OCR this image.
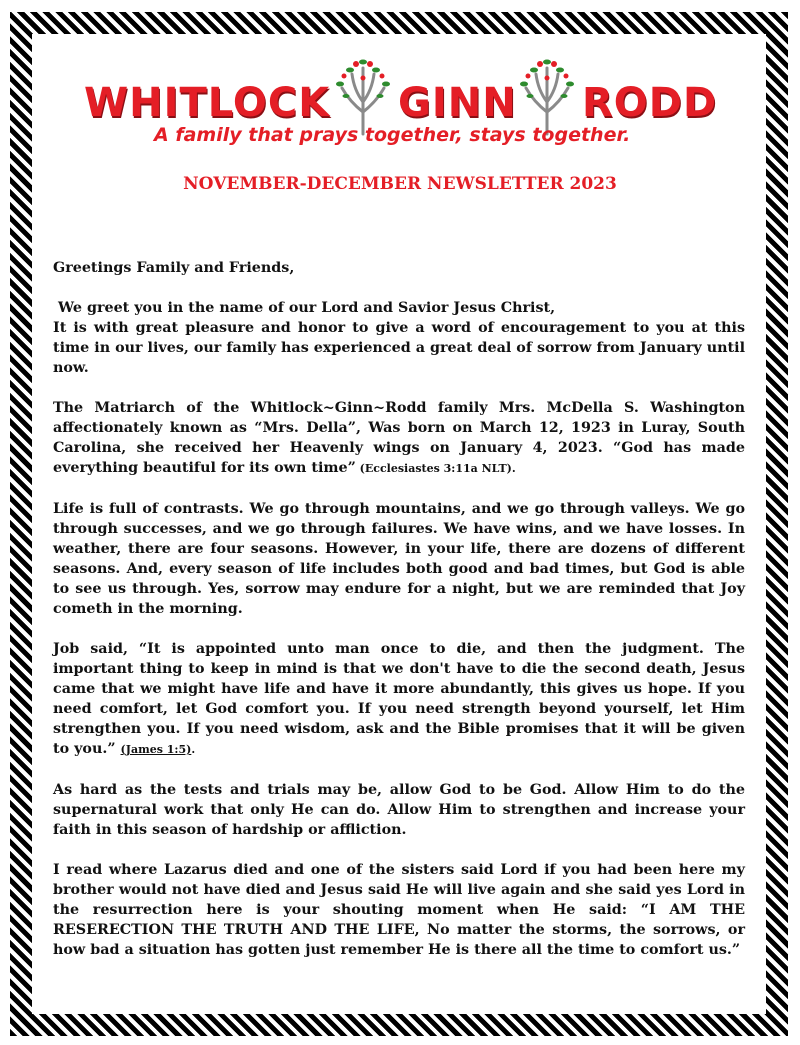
WHITLOCK GINN RODD
A family that prays together, stays together.
NOVEMBER-DECEMBER NEWSLETTER 2023

Greetings Family and Friends,

We greet you in the name of our Lord and Savior Jesus Christ,
It is with great pleasure and honor to give a word of encouragement to you at this time in our lives, our family has experienced a great deal of sorrow from January until now.

The Matriarch of the Whitlock~Ginn~Rodd family Mrs. McDella S. Washington affectionately known as “Mrs. Della”, Was born on March 12, 1923 in Luray, South Carolina, she received her Heavenly wings on January 4, 2023. “God has made everything beautiful for its own time” (Ecclesiastes 3:11a NLT).

Life is full of contrasts. We go through mountains, and we go through valleys. We go through successes, and we go through failures. We have wins, and we have losses. In weather, there are four seasons. However, in your life, there are dozens of different seasons. And, every season of life includes both good and bad times, but God is able to see us through. Yes, sorrow may endure for a night, but we are reminded that Joy cometh in the morning.

Job said, “It is appointed unto man once to die, and then the judgment. The important thing to keep in mind is that we don't have to die the second death, Jesus came that we might have life and have it more abundantly, this gives us hope. If you need comfort, let God comfort you. If you need strength beyond yourself, let Him strengthen you. If you need wisdom, ask and the Bible promises that it will be given to you.” (James 1:5).

As hard as the tests and trials may be, allow God to be God. Allow Him to do the supernatural work that only He can do. Allow Him to strengthen and increase your faith in this season of hardship or affliction.

I read where Lazarus died and one of the sisters said Lord if you had been here my brother would not have died and Jesus said He will live again and she said yes Lord in the resurrection here is your shouting moment when He said: “I AM THE RESERECTION THE TRUTH AND THE LIFE, No matter the storms, the sorrows, or how bad a situation has gotten just remember He is there all the time to comfort us.”
